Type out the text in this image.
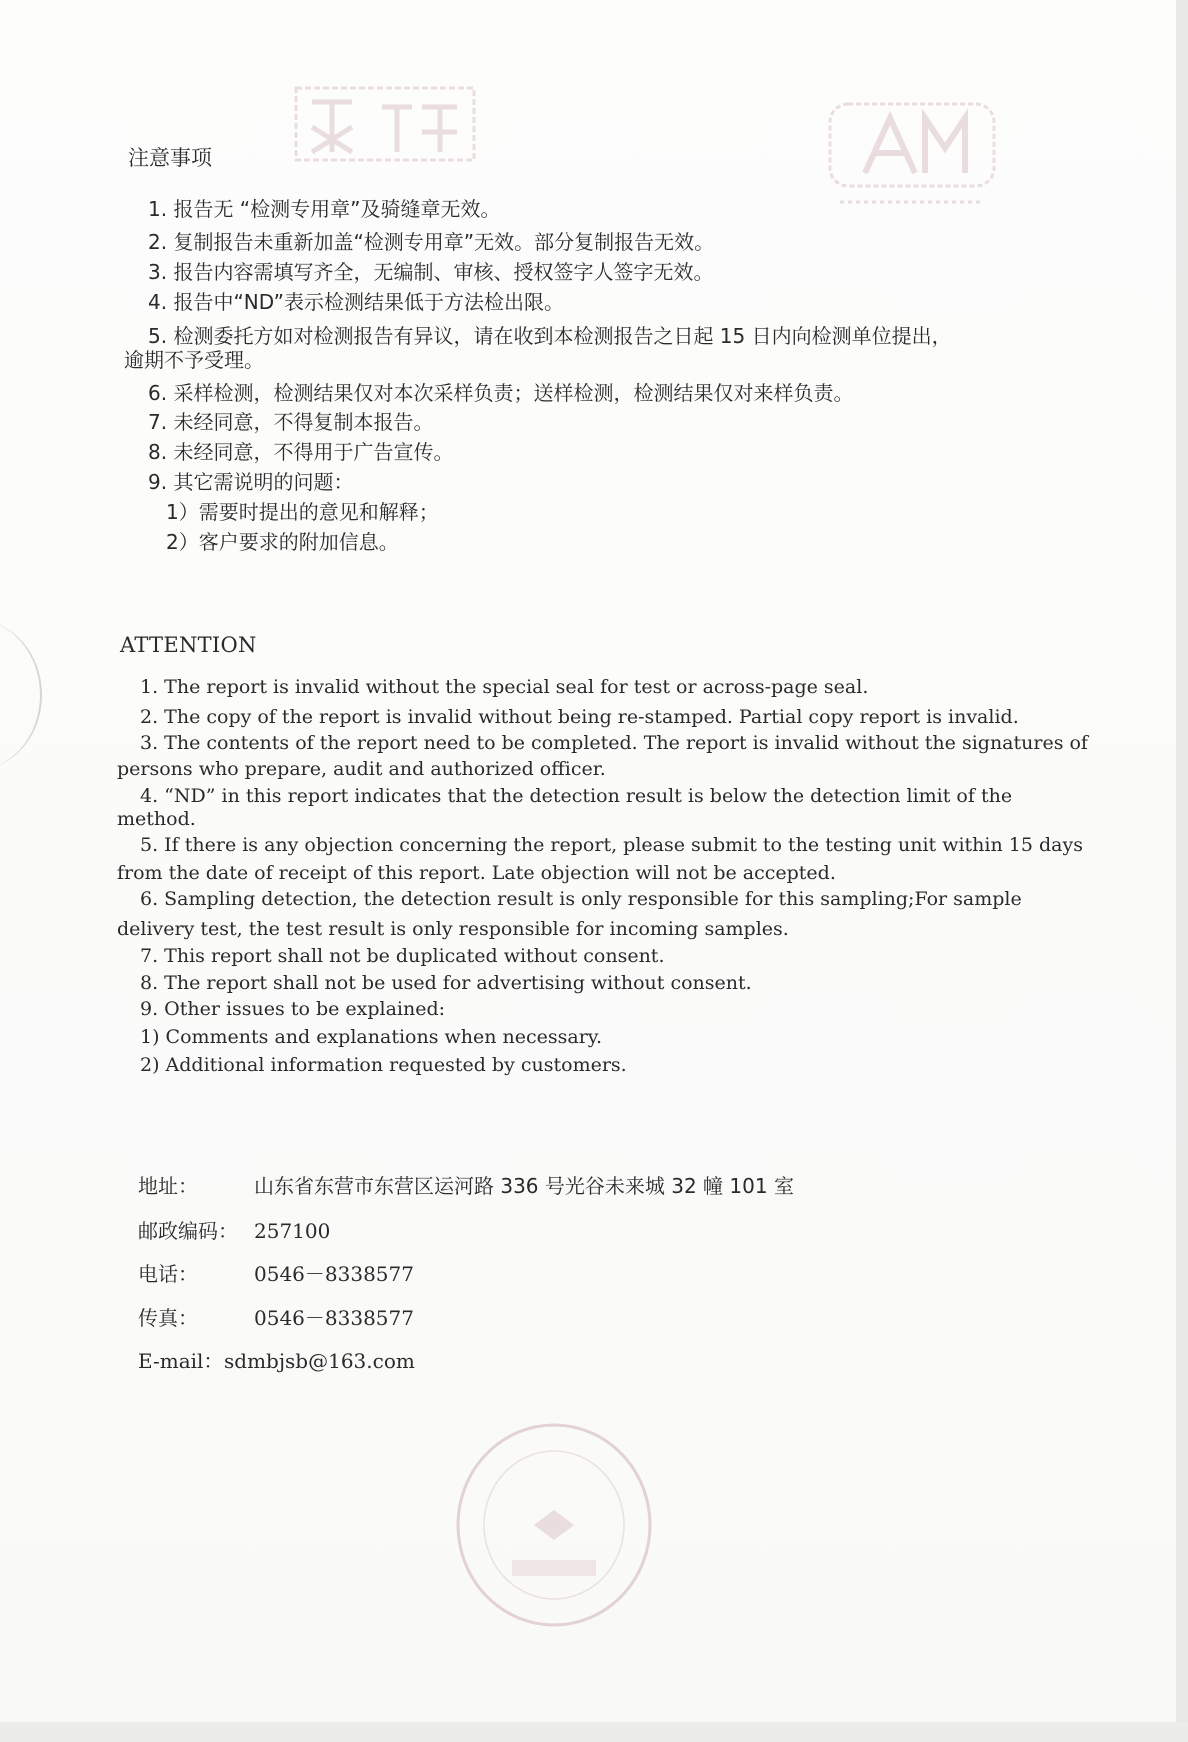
注意事项
1. 报告无 “检测专用章”及骑缝章无效。
2. 复制报告未重新加盖“检测专用章”无效。部分复制报告无效。
3. 报告内容需填写齐全，无编制、审核、授权签字人签字无效。
4. 报告中“ND”表示检测结果低于方法检出限。
5. 检测委托方如对检测报告有异议，请在收到本检测报告之日起 15 日内向检测单位提出，
逾期不予受理。
6. 采样检测，检测结果仅对本次采样负责；送样检测，检测结果仅对来样负责。
7. 未经同意，不得复制本报告。
8. 未经同意，不得用于广告宣传。
9. 其它需说明的问题：
1）需要时提出的意见和解释；
2）客户要求的附加信息。
ATTENTION
1. The report is invalid without the special seal for test or across-page seal.
2. The copy of the report is invalid without being re-stamped. Partial copy report is invalid.
3. The contents of the report need to be completed. The report is invalid without the signatures of
persons who prepare, audit and authorized officer.
4. “ND” in this report indicates that the detection result is below the detection limit of the
method.
5. If there is any objection concerning the report, please submit to the testing unit within 15 days
from the date of receipt of this report. Late objection will not be accepted.
6. Sampling detection, the detection result is only responsible for this sampling;For sample
delivery test, the test result is only responsible for incoming samples.
7. This report shall not be duplicated without consent.
8. The report shall not be used for advertising without consent.
9. Other issues to be explained:
1) Comments and explanations when necessary.
2) Additional information requested by customers.
地址：	山东省东营市东营区运河路 336 号光谷未来城 32 幢 101 室
邮政编码： 257100
电话：	0546－8338577
传真：	0546－8338577
E-mail：sdmbjsb@163.com
